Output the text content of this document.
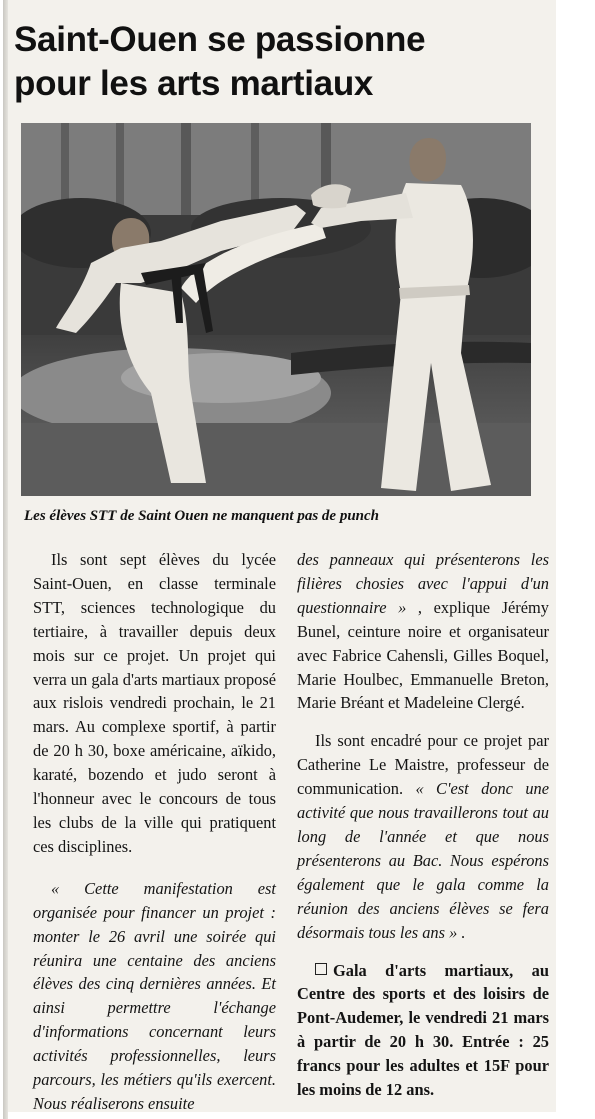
Saint-Ouen se passionne
pour les arts martiaux

Les élèves STT de Saint Ouen ne manquent pas de punch

Ils sont sept élèves du lycée Saint-Ouen, en classe terminale STT, sciences technologique du tertiaire, à travailler depuis deux mois sur ce projet. Un projet qui verra un gala d'arts martiaux proposé aux rislois vendredi prochain, le 21 mars. Au complexe sportif, à partir de 20 h 30, boxe américaine, aïkido, karaté, bozendo et judo seront à l'honneur avec le concours de tous les clubs de la ville qui pratiquent ces disciplines.

« Cette manifestation est organisée pour financer un projet : monter le 26 avril une soirée qui réunira une centaine des anciens élèves des cinq dernières années. Et ainsi permettre l'échange d'informations concernant leurs activités professionnelles, leurs parcours, les métiers qu'ils exercent. Nous réaliserons ensuite

des panneaux qui présenterons les filières chosies avec l'appui d'un questionnaire » , explique Jérémy Bunel, ceinture noire et organisateur avec Fabrice Cahensli, Gilles Boquel, Marie Houlbec, Emmanuelle Breton, Marie Bréant et Madeleine Clergé.

Ils sont encadré pour ce projet par Catherine Le Maistre, professeur de communication. « C'est donc une activité que nous travaillerons tout au long de l'année et que nous présenterons au Bac. Nous espérons également que le gala comme la réunion des anciens élèves se fera désormais tous les ans » .

Gala d'arts martiaux, au Centre des sports et des loisirs de Pont-Audemer, le vendredi 21 mars à partir de 20 h 30. Entrée : 25 francs pour les adultes et 15F pour les moins de 12 ans.
